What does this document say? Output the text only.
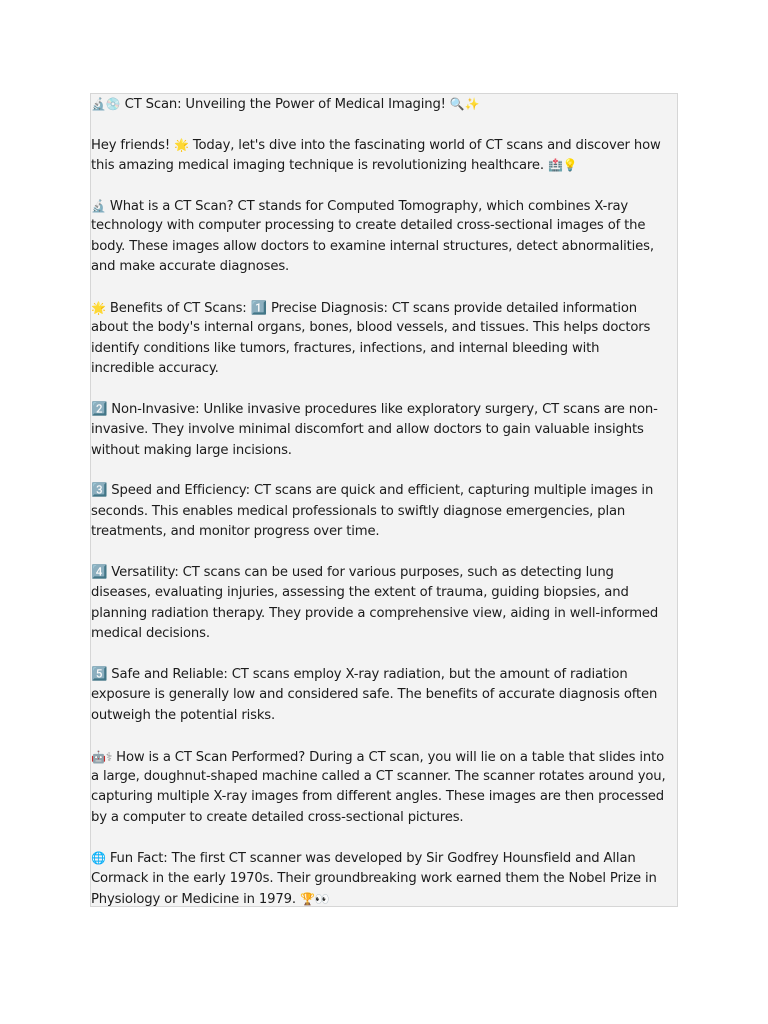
🔬💿 CT Scan: Unveiling the Power of Medical Imaging! 🔍✨

Hey friends! 🌟 Today, let's dive into the fascinating world of CT scans and discover how
this amazing medical imaging technique is revolutionizing healthcare. 🏥💡

🔬 What is a CT Scan? CT stands for Computed Tomography, which combines X-ray
technology with computer processing to create detailed cross-sectional images of the
body. These images allow doctors to examine internal structures, detect abnormalities,
and make accurate diagnoses.

🌟 Benefits of CT Scans: 1️⃣ Precise Diagnosis: CT scans provide detailed information
about the body's internal organs, bones, blood vessels, and tissues. This helps doctors
identify conditions like tumors, fractures, infections, and internal bleeding with
incredible accuracy.

2️⃣ Non-Invasive: Unlike invasive procedures like exploratory surgery, CT scans are non-
invasive. They involve minimal discomfort and allow doctors to gain valuable insights
without making large incisions.

3️⃣ Speed and Efficiency: CT scans are quick and efficient, capturing multiple images in
seconds. This enables medical professionals to swiftly diagnose emergencies, plan
treatments, and monitor progress over time.

4️⃣ Versatility: CT scans can be used for various purposes, such as detecting lung
diseases, evaluating injuries, assessing the extent of trauma, guiding biopsies, and
planning radiation therapy. They provide a comprehensive view, aiding in well-informed
medical decisions.

5️⃣ Safe and Reliable: CT scans employ X-ray radiation, but the amount of radiation
exposure is generally low and considered safe. The benefits of accurate diagnosis often
outweigh the potential risks.

🤖⚕ How is a CT Scan Performed? During a CT scan, you will lie on a table that slides into
a large, doughnut-shaped machine called a CT scanner. The scanner rotates around you,
capturing multiple X-ray images from different angles. These images are then processed
by a computer to create detailed cross-sectional pictures.

🌐 Fun Fact: The first CT scanner was developed by Sir Godfrey Hounsfield and Allan
Cormack in the early 1970s. Their groundbreaking work earned them the Nobel Prize in
Physiology or Medicine in 1979. 🏆👀
